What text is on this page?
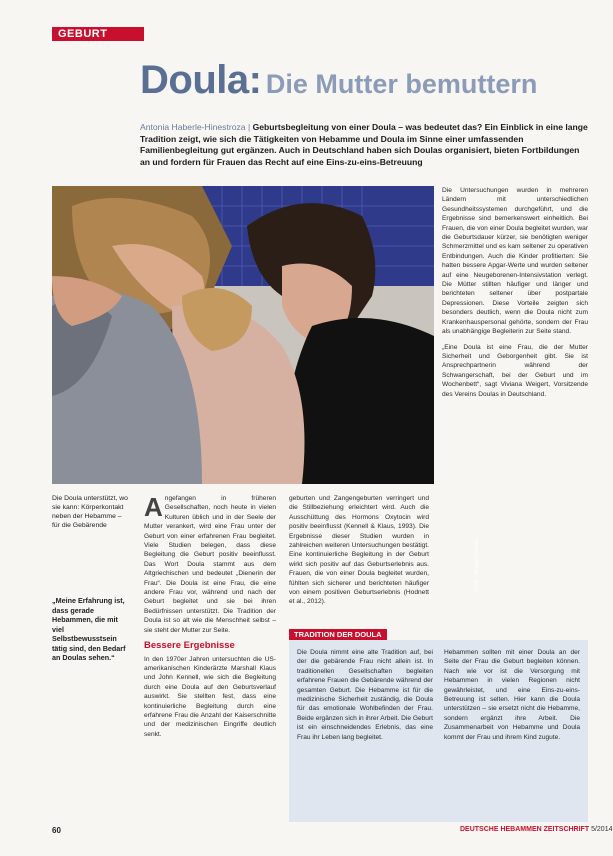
GEBURT
Doula: Die Mutter bemuttern
Antonia Haberle-Hinestroza | Geburtsbegleitung von einer Doula – was bedeutet das? Ein Einblick in eine lange Tradition zeigt, wie sich die Tätigkeiten von Hebamme und Doula im Sinne einer umfassenden Familienbegleitung gut ergänzen. Auch in Deutschland haben sich Doulas organisiert, bieten Fortbildungen an und fordern für Frauen das Recht auf eine Eins-zu-eins-Betreuung
Foto: Denkler/Fotolia
Die Doula unterstützt, wo sie kann: Körperkontakt neben der Hebamme – für die Gebärende
„Meine Erfahrung ist, dass gerade Hebammen, die mit viel Selbstbewusstsein tätig sind, den Bedarf an Doulas sehen.“
A ngefangen in früheren Gesellschaften, noch heute in vielen Kulturen üblich und in der Seele der Mutter verankert, wird eine Frau unter der Geburt von einer erfahrenen Frau begleitet. Viele Studien belegen, dass diese Begleitung die Geburt positiv beeinflusst. Das Wort Doula stammt aus dem Altgriechischen und bedeutet „Dienerin der Frau“. Die Doula ist eine Frau, die eine andere Frau vor, während und nach der Geburt begleitet und sie bei ihren Bedürfnissen unterstützt. Die Tradition der Doula ist so alt wie die Menschheit selbst – sie steht der Mutter zur Seite.
Bessere Ergebnisse
In den 1970er Jahren untersuchten die US-amerikanischen Kinderärzte Marshall Klaus und John Kennell, wie sich die Begleitung durch eine Doula auf den Geburtsverlauf auswirkt. Sie stellten fest, dass eine kontinuierliche Begleitung durch eine erfahrene Frau die Anzahl der Kaiserschnitte und der medizinischen Eingriffe deutlich senkt.
geburten und Zangengeburten verringert und die Stillbeziehung erleichtert wird. Auch die Ausschüttung des Hormons Oxytocin wird positiv beeinflusst (Kennell & Klaus, 1993). Die Ergebnisse dieser Studien wurden in zahlreichen weiteren Untersuchungen bestätigt. Eine kontinuierliche Begleitung in der Geburt wirkt sich positiv auf das Geburtserlebnis aus. Frauen, die von einer Doula begleitet wurden, fühlten sich sicherer und berichteten häufiger von einem positiven Geburtserlebnis (Hodnett et al., 2012).
Die Untersuchungen wurden in mehreren Ländern mit unterschiedlichen Gesundheitssystemen durchgeführt, und die Ergebnisse sind bemerkenswert einheitlich. Bei Frauen, die von einer Doula begleitet wurden, war die Geburtsdauer kürzer, sie benötigten weniger Schmerzmittel und es kam seltener zu operativen Entbindungen. Auch die Kinder profitierten: Sie hatten bessere Apgar-Werte und wurden seltener auf eine Neugeborenen-Intensivstation verlegt. Die Mütter stillten häufiger und länger und berichteten seltener über postpartale Depressionen. Diese Vorteile zeigten sich besonders deutlich, wenn die Doula nicht zum Krankenhauspersonal gehörte, sondern der Frau als unabhängige Begleiterin zur Seite stand.
„Eine Doula ist eine Frau, die der Mutter Sicherheit und Geborgenheit gibt. Sie ist Ansprechpartnerin während der Schwangerschaft, bei der Geburt und im Wochenbett“, sagt Viviana Weigert, Vorsitzende des Vereins Doulas in Deutschland.
Die Doula nimmt eine alte Tradition auf, bei der die gebärende Frau nicht allein ist. In traditionellen Gesellschaften begleiten erfahrene Frauen die Gebärende während der gesamten Geburt. Die Hebamme ist für die medizinische Sicherheit zuständig, die Doula für das emotionale Wohlbefinden der Frau. Beide ergänzen sich in ihrer Arbeit. Die Geburt ist ein einschneidendes Erlebnis, das eine Frau ihr Leben lang begleitet.
Hebammen sollten mit einer Doula an der Seite der Frau die Geburt begleiten können. Nach wie vor ist die Versorgung mit Hebammen in vielen Regionen nicht gewährleistet, und eine Eins-zu-eins-Betreuung ist selten. Hier kann die Doula unterstützen – sie ersetzt nicht die Hebamme, sondern ergänzt ihre Arbeit. Die Zusammenarbeit von Hebamme und Doula kommt der Frau und ihrem Kind zugute.
TRADITION DER DOULA
60	DEUTSCHE HEBAMMEN ZEITSCHRIFT 5/2014
